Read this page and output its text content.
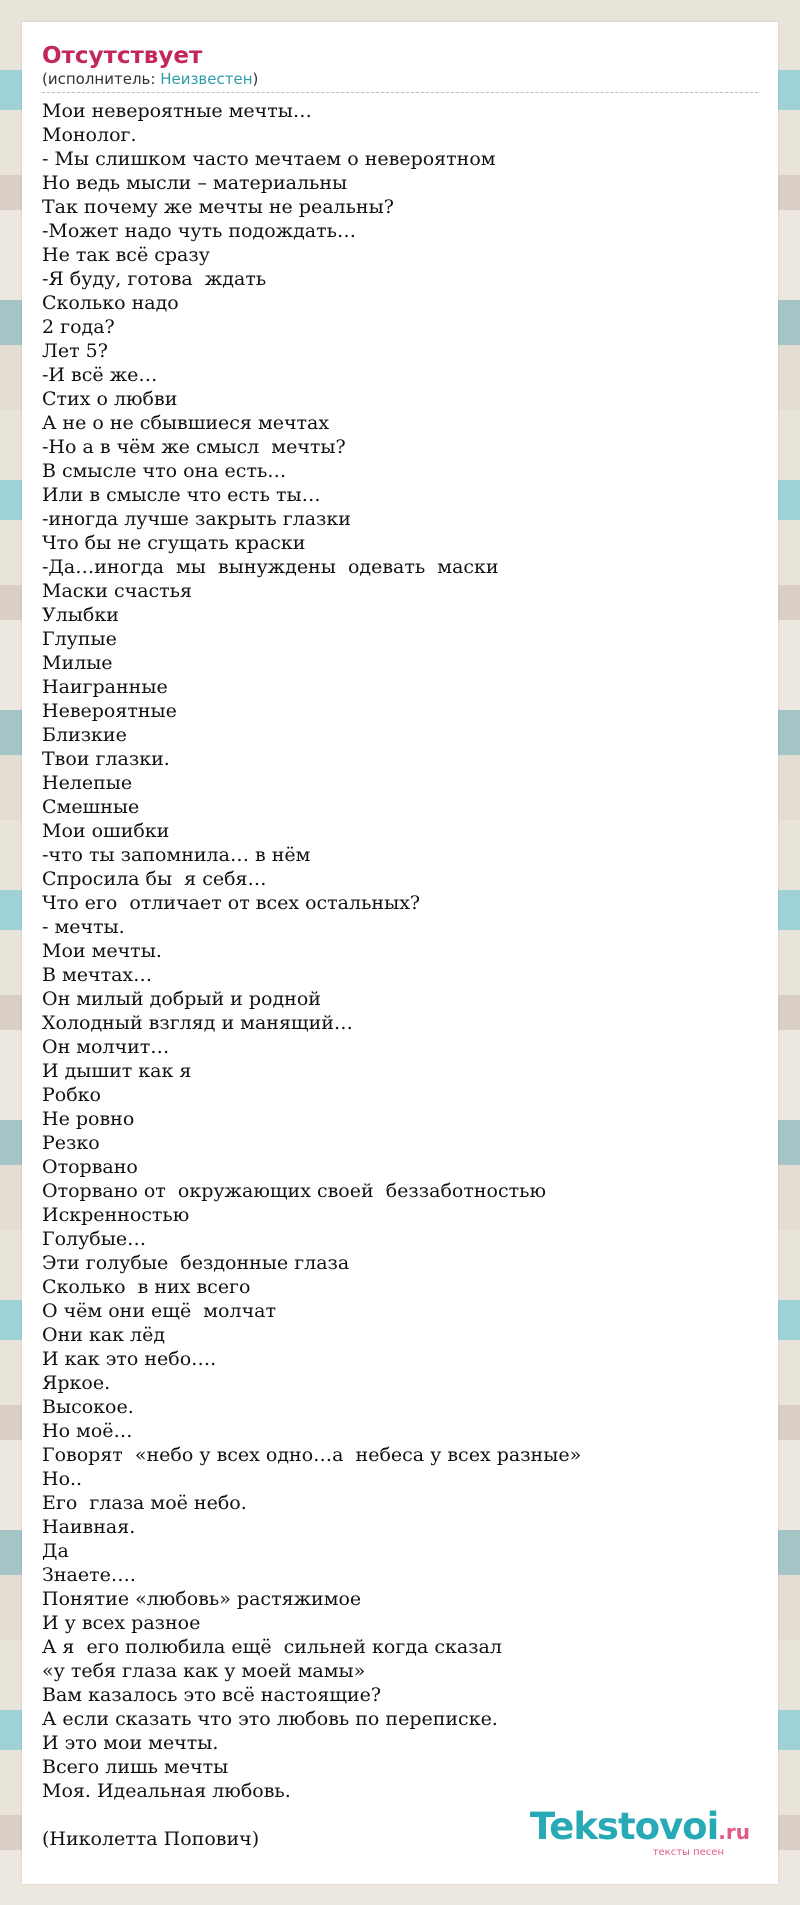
Отсутствует
(исполнитель: Неизвестен)
Мои невероятные мечты…
Монолог.
- Мы слишком часто мечтаем о невероятном
Но ведь мысли – материальны
Так почему же мечты не реальны?
-Может надо чуть подождать…
Не так всё сразу
-Я буду, готова  ждать
Сколько надо
2 года?
Лет 5?
-И всё же…
Стих о любви
А не о не сбывшиеся мечтах
-Но а в чём же смысл  мечты?
В смысле что она есть…
Или в смысле что есть ты…
-иногда лучше закрыть глазки
Что бы не сгущать краски
-Да…иногда  мы  вынуждены  одевать  маски
Маски счастья
Улыбки
Глупые
Милые
Наигранные
Невероятные
Близкие
Твои глазки.
Нелепые
Смешные
Мои ошибки
-что ты запомнила… в нём
Спросила бы  я себя…
Что его  отличает от всех остальных?
- мечты.
Мои мечты.
В мечтах…
Он милый добрый и родной
Холодный взгляд и манящий…
Он молчит…
И дышит как я
Робко
Не ровно
Резко
Оторвано
Оторвано от  окружающих своей  беззаботностью
Искренностью
Голубые…
Эти голубые  бездонные глаза
Сколько  в них всего
О чём они ещё  молчат
Они как лёд
И как это небо….
Яркое.
Высокое.
Но моё…
Говорят  «небо у всех одно…а  небеса у всех разные»
Но..
Его  глаза моё небо.
Наивная.
Да
Знаете….
Понятие «любовь» растяжимое
И у всех разное
А я  его полюбила ещё  сильней когда сказал
«у тебя глаза как у моей мамы»
Вам казалось это всё настоящие?
А если сказать что это любовь по переписке.
И это мои мечты.
Всего лишь мечты
Моя. Идеальная любовь.
(Николетта Попович)	Tekstovoi.ru
тексты песен
